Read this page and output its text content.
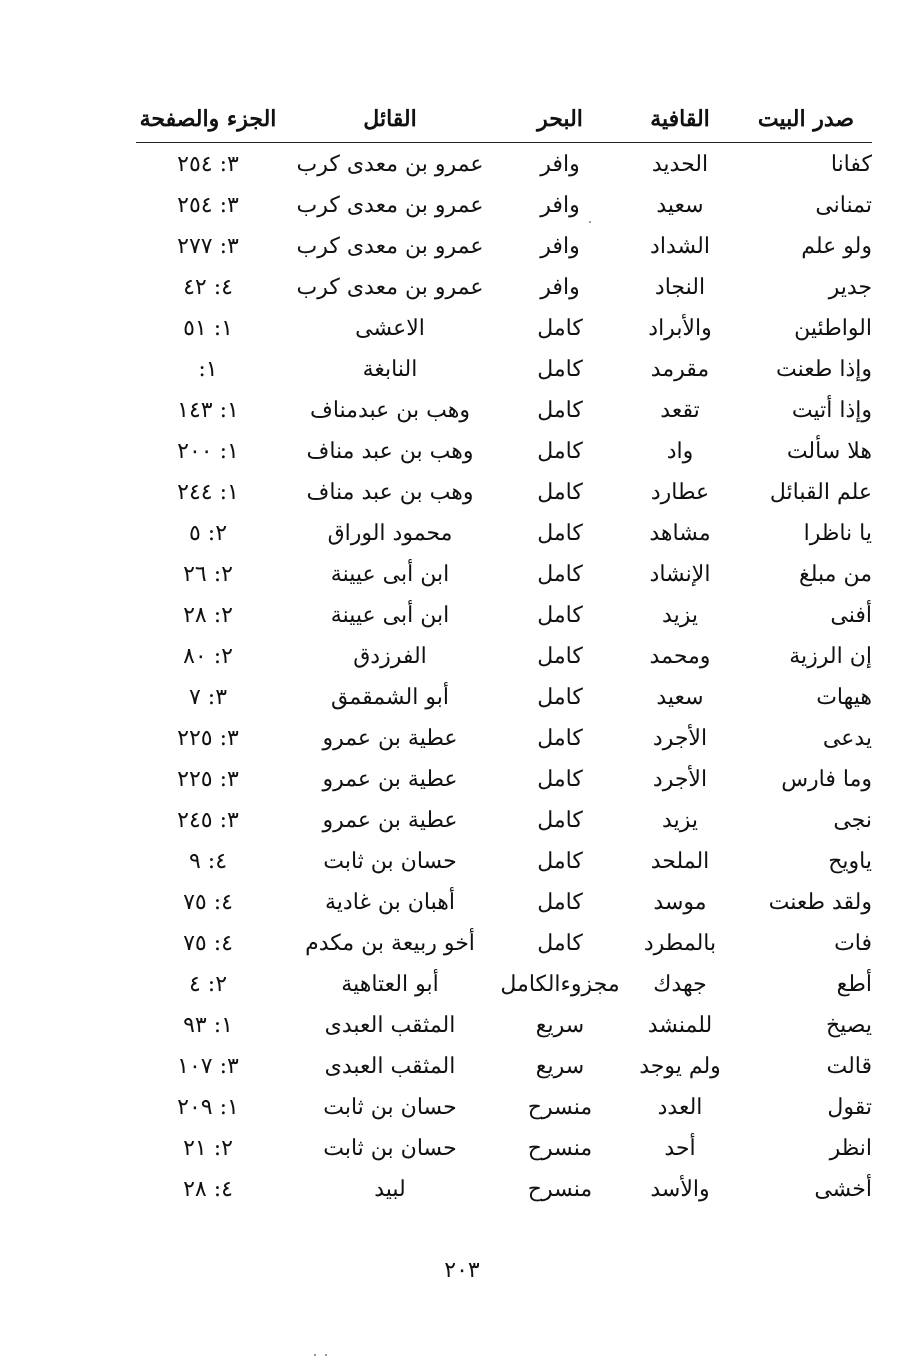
صدر البيت
القافية
البحر
القائل
الجزء والصفحة
كفانا
الحديد
وافر
عمرو بن معدى كرب
٣: ٢٥٤
تمنانى
سعيد
وافر
عمرو بن معدى كرب
٣: ٢٥٤
ولو علم
الشداد
وافر
عمرو بن معدى كرب
٣: ٢٧٧
جدير
النجاد
وافر
عمرو بن معدى كرب
٤: ٤٢
الواطئين
والأبراد
كامل
الاعشى
١: ٥١
وإذا طعنت
مقرمد
كامل
النابغة
١:
وإذا أتيت
تقعد
كامل
وهب بن عبدمناف
١: ١٤٣
هلا سألت
واد
كامل
وهب بن عبد مناف
١: ٢٠٠
علم القبائل
عطارد
كامل
وهب بن عبد مناف
١: ٢٤٤
يا ناظرا
مشاهد
كامل
محمود الوراق
٢: ٥
من مبلغ
الإنشاد
كامل
ابن أبى عيينة
٢: ٢٦
أفنى
يزيد
كامل
ابن أبى عيينة
٢: ٢٨
إن الرزية
ومحمد
كامل
الفرزدق
٢: ٨٠
هيهات
سعيد
كامل
أبو الشمقمق
٣: ٧
يدعى
الأجرد
كامل
عطية بن عمرو
٣: ٢٢٥
وما فارس
الأجرد
كامل
عطية بن عمرو
٣: ٢٢٥
نجى
يزيد
كامل
عطية بن عمرو
٣: ٢٤٥
ياويح
الملحد
كامل
حسان بن ثابت
٤: ٩
ولقد طعنت
موسد
كامل
أهبان بن غادية
٤: ٧٥
فات
بالمطرد
كامل
أخو ربيعة بن مكدم
٤: ٧٥
أطع
جهدك
مجزوءالكامل
أبو العتاهية
٢: ٤
يصيخ
للمنشد
سريع
المثقب العبدى
١: ٩٣
قالت
ولم يوجد
سريع
المثقب العبدى
٣: ١٠٧
تقول
العدد
منسرح
حسان بن ثابت
١: ٢٠٩
انظر
أحد
منسرح
حسان بن ثابت
٢: ٢١
أخشى
والأسد
منسرح
لبيد
٤: ٢٨
٢٠٣
